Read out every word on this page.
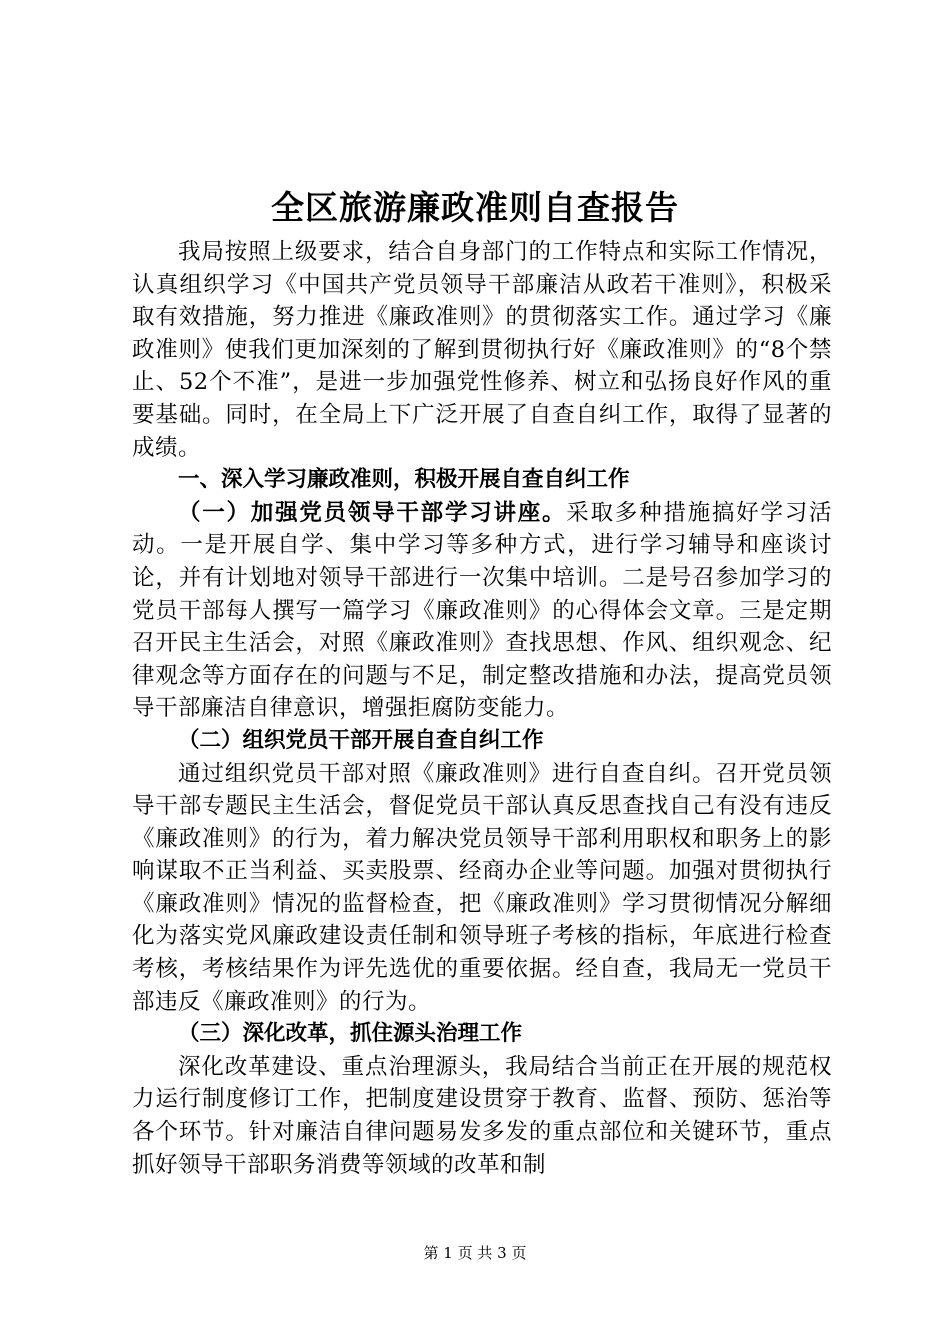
全区旅游廉政准则自查报告

我局按照上级要求，结合自身部门的工作特点和实际工作情况，认真组织学习《中国共产党员领导干部廉洁从政若干准则》，积极采取有效措施，努力推进《廉政准则》的贯彻落实工作。通过学习《廉政准则》使我们更加深刻的了解到贯彻执行好《廉政准则》的“8个禁止、52个不准”，是进一步加强党性修养、树立和弘扬良好作风的重要基础。同时，在全局上下广泛开展了自查自纠工作，取得了显著的成绩。

一、深入学习廉政准则，积极开展自查自纠工作

（一）加强党员领导干部学习讲座。采取多种措施搞好学习活动。一是开展自学、集中学习等多种方式，进行学习辅导和座谈讨论，并有计划地对领导干部进行一次集中培训。二是号召参加学习的党员干部每人撰写一篇学习《廉政准则》的心得体会文章。三是定期召开民主生活会，对照《廉政准则》查找思想、作风、组织观念、纪律观念等方面存在的问题与不足，制定整改措施和办法，提高党员领导干部廉洁自律意识，增强拒腐防变能力。

（二）组织党员干部开展自查自纠工作

通过组织党员干部对照《廉政准则》进行自查自纠。召开党员领导干部专题民主生活会，督促党员干部认真反思查找自己有没有违反《廉政准则》的行为，着力解决党员领导干部利用职权和职务上的影响谋取不正当利益、买卖股票、经商办企业等问题。加强对贯彻执行《廉政准则》情况的监督检查，把《廉政准则》学习贯彻情况分解细化为落实党风廉政建设责任制和领导班子考核的指标，年底进行检查考核，考核结果作为评先选优的重要依据。经自查，我局无一党员干部违反《廉政准则》的行为。

（三）深化改革，抓住源头治理工作

深化改革建设、重点治理源头，我局结合当前正在开展的规范权力运行制度修订工作，把制度建设贯穿于教育、监督、预防、惩治等各个环节。针对廉洁自律问题易发多发的重点部位和关键环节，重点抓好领导干部职务消费等领域的改革和制

第 1 页 共 3 页
